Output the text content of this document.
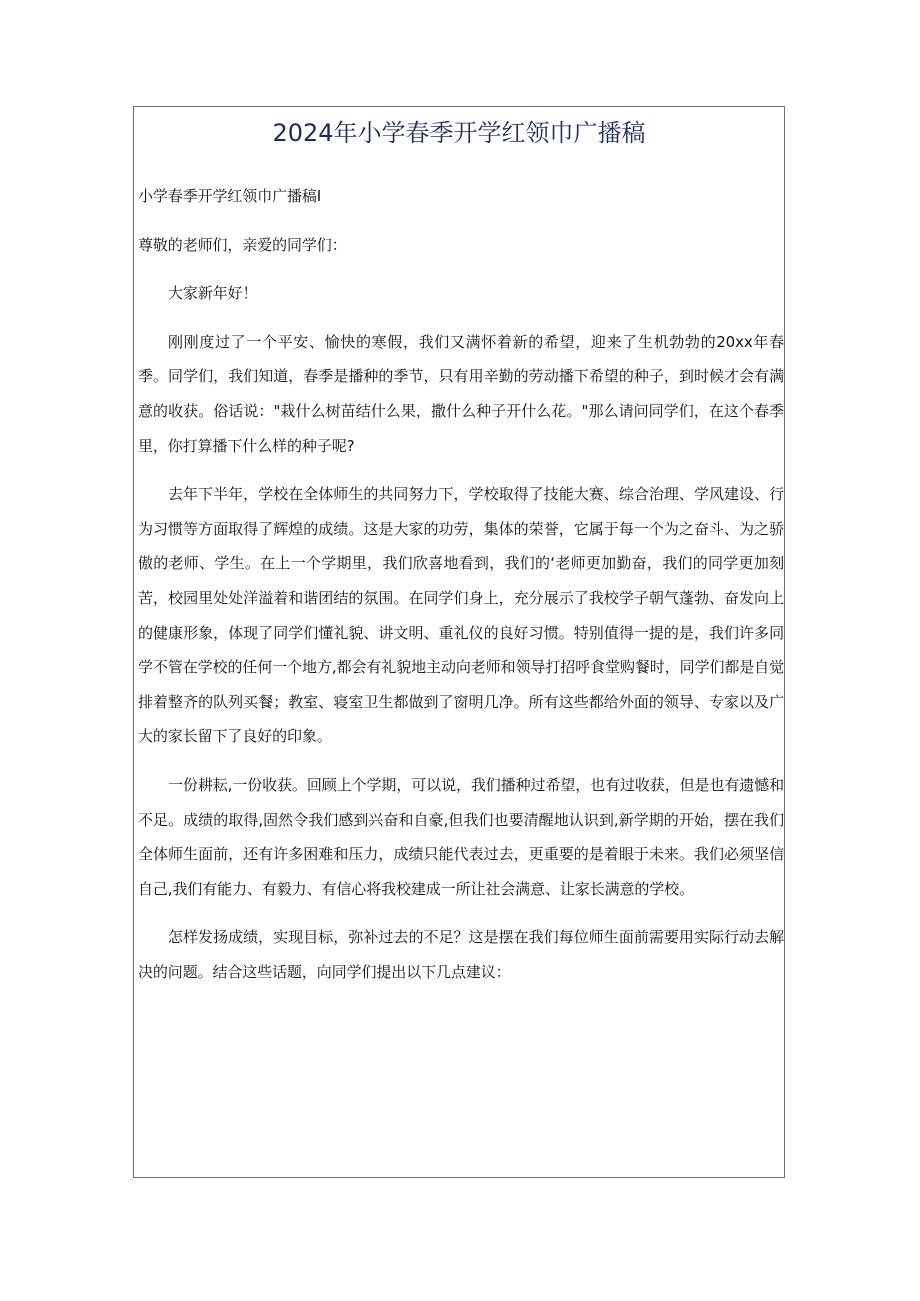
2024年小学春季开学红领巾广播稿

小学春季开学红领巾广播稿Ⅰ

尊敬的老师们，亲爱的同学们：

大家新年好！

刚刚度过了一个平安、愉快的寒假，我们又满怀着新的希望，迎来了生机勃勃的20xx年春季。同学们，我们知道，春季是播种的季节，只有用辛勤的劳动播下希望的种子，到时候才会有满意的收获。俗话说："栽什么树苗结什么果，撒什么种子开什么花。"那么请问同学们，在这个春季里，你打算播下什么样的种子呢?

去年下半年，学校在全体师生的共同努力下，学校取得了技能大赛、综合治理、学风建设、行为习惯等方面取得了辉煌的成绩。这是大家的功劳，集体的荣誉，它属于每一个为之奋斗、为之骄傲的老师、学生。在上一个学期里，我们欣喜地看到，我们的‘老师更加勤奋，我们的同学更加刻苦，校园里处处洋溢着和谐团结的氛围。在同学们身上，充分展示了我校学子朝气蓬勃、奋发向上的健康形象，体现了同学们懂礼貌、讲文明、重礼仪的良好习惯。特别值得一提的是，我们许多同学不管在学校的任何一个地方,都会有礼貌地主动向老师和领导打招呼食堂购餐时，同学们都是自觉排着整齐的队列买餐；教室、寝室卫生都做到了窗明几净。所有这些都给外面的领导、专家以及广大的家长留下了良好的印象。

一份耕耘,一份收获。回顾上个学期，可以说，我们播种过希望，也有过收获，但是也有遗憾和不足。成绩的取得,固然令我们感到兴奋和自豪,但我们也要清醒地认识到,新学期的开始，摆在我们全体师生面前，还有许多困难和压力，成绩只能代表过去，更重要的是着眼于未来。我们必须坚信自己,我们有能力、有毅力、有信心将我校建成一所让社会满意、让家长满意的学校。

怎样发扬成绩，实现目标，弥补过去的不足？这是摆在我们每位师生面前需要用实际行动去解决的问题。结合这些话题，向同学们提出以下几点建议：
